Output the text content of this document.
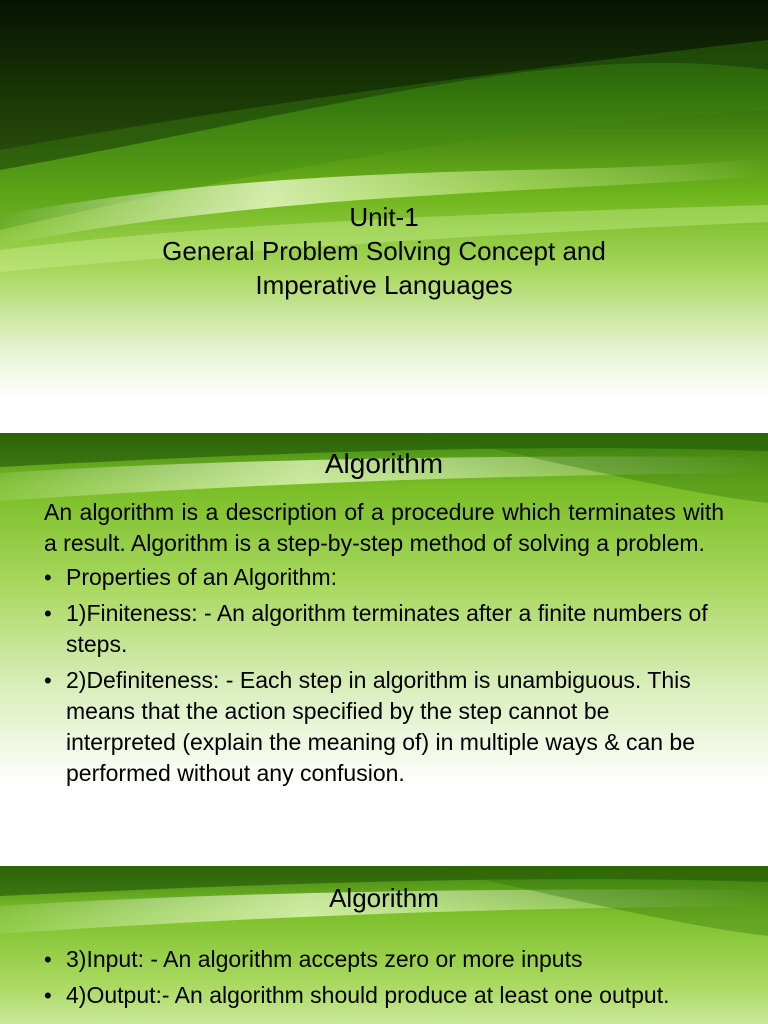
Unit-1
General Problem Solving Concept and
Imperative Languages
Algorithm

An algorithm is a description of a procedure which terminates with a result. Algorithm is a step-by-step method of solving a problem.

• Properties of an Algorithm:
• 1)Finiteness: - An algorithm terminates after a finite numbers of steps.
• 2)Definiteness: - Each step in algorithm is unambiguous. This means that the action specified by the step cannot be interpreted (explain the meaning of) in multiple ways & can be performed without any confusion.
Algorithm
• 3)Input: - An algorithm accepts zero or more inputs
• 4)Output:- An algorithm should produce at least one output.
